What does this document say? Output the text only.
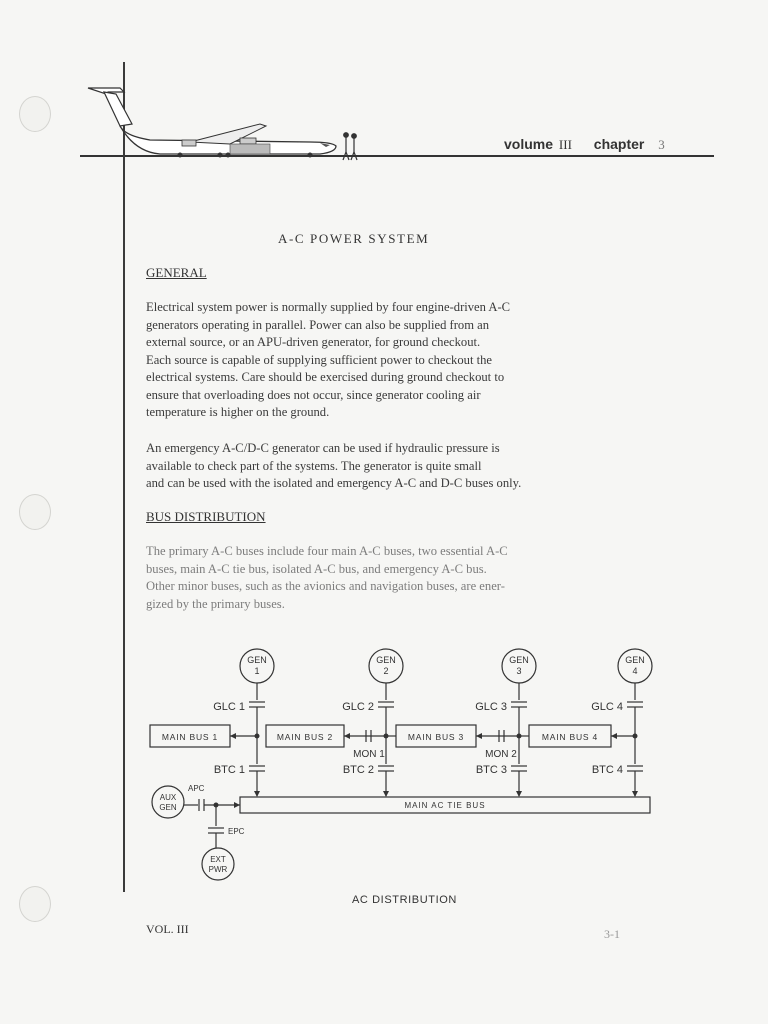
volume III chapter 3
A-C POWER SYSTEM
GENERAL
Electrical system power is normally supplied by four engine-driven A-C
generators operating in parallel. Power can also be supplied from an
external source, or an APU-driven generator, for ground checkout.
Each source is capable of supplying sufficient power to checkout the
electrical systems. Care should be exercised during ground checkout to
ensure that overloading does not occur, since generator cooling air
temperature is higher on the ground.
An emergency A-C/D-C generator can be used if hydraulic pressure is
available to check part of the systems. The generator is quite small
and can be used with the isolated and emergency A-C and D-C buses only.
BUS DISTRIBUTION
The primary A-C buses include four main A-C buses, two essential A-C
buses, main A-C tie bus, isolated A-C bus, and emergency A-C bus.
Other minor buses, such as the avionics and navigation buses, are ener-
gized by the primary buses.
GEN
1
GEN
2
GEN
3
GEN
4
GLC 1	GLC 2	GLC 3	GLC 4
MAIN BUS 1	MAIN BUS 2	MAIN BUS 3	MAIN BUS 4
MON 1	MON 2
BTC 1	BTC 2	BTC 3	BTC 4
MAIN AC TIE BUS
AUX
GEN
APC
EPC
EXT
PWR
AC DISTRIBUTION
VOL. III	3-1
